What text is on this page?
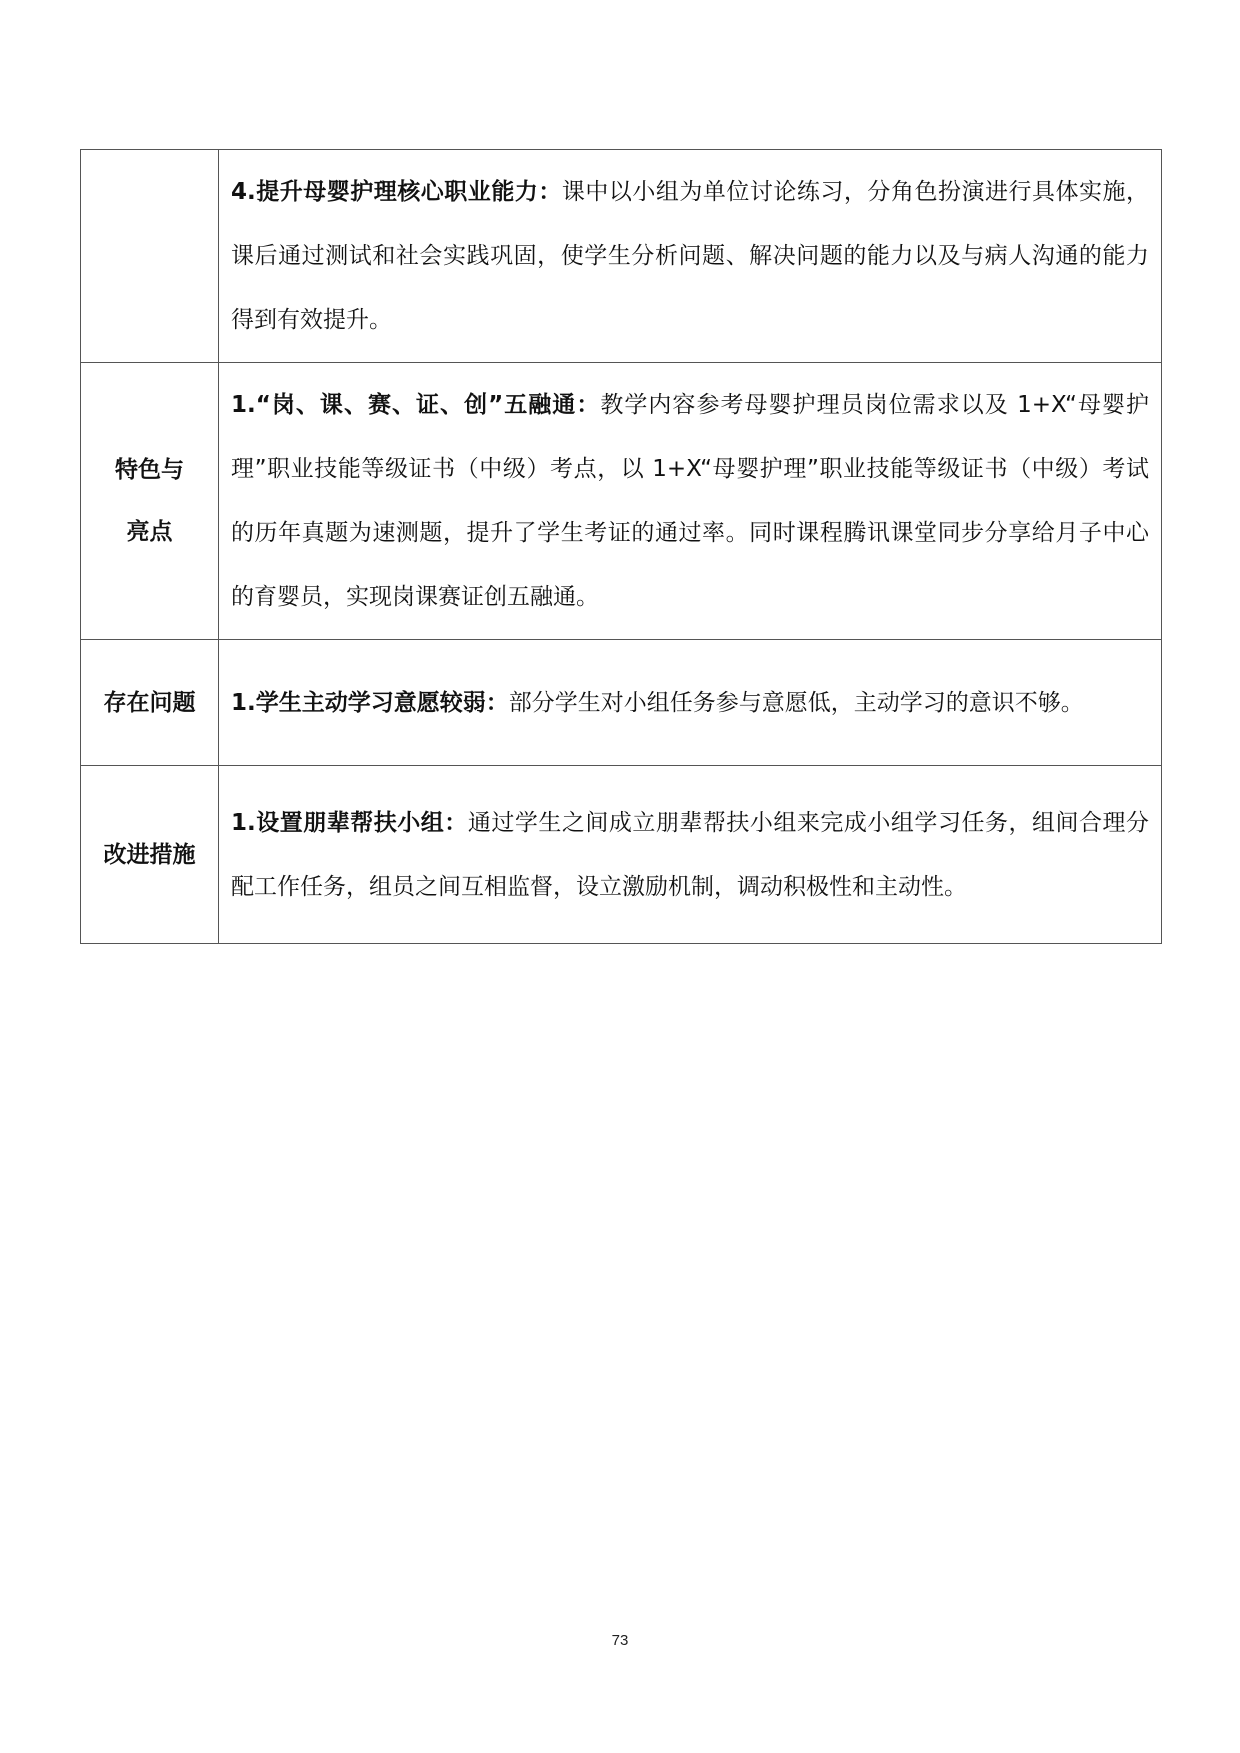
	4.提升母婴护理核心职业能力：课中以小组为单位讨论练习，分角色扮演进行具体实施，课后通过测试和社会实践巩固，使学生分析问题、解决问题的能力以及与病人沟通的能力得到有效提升。

特色与
亮点	1.“岗、课、赛、证、创”五融通：教学内容参考母婴护理员岗位需求以及 1+X“母婴护理”职业技能等级证书（中级）考点，以 1+X“母婴护理”职业技能等级证书（中级）考试的历年真题为速测题，提升了学生考证的通过率。同时课程腾讯课堂同步分享给月子中心的育婴员，实现岗课赛证创五融通。
存在问题	1.学生主动学习意愿较弱：部分学生对小组任务参与意愿低，主动学习的意识不够。
改进措施	1.设置朋辈帮扶小组：通过学生之间成立朋辈帮扶小组来完成小组学习任务，组间合理分配工作任务，组员之间互相监督，设立激励机制，调动积极性和主动性。
73
